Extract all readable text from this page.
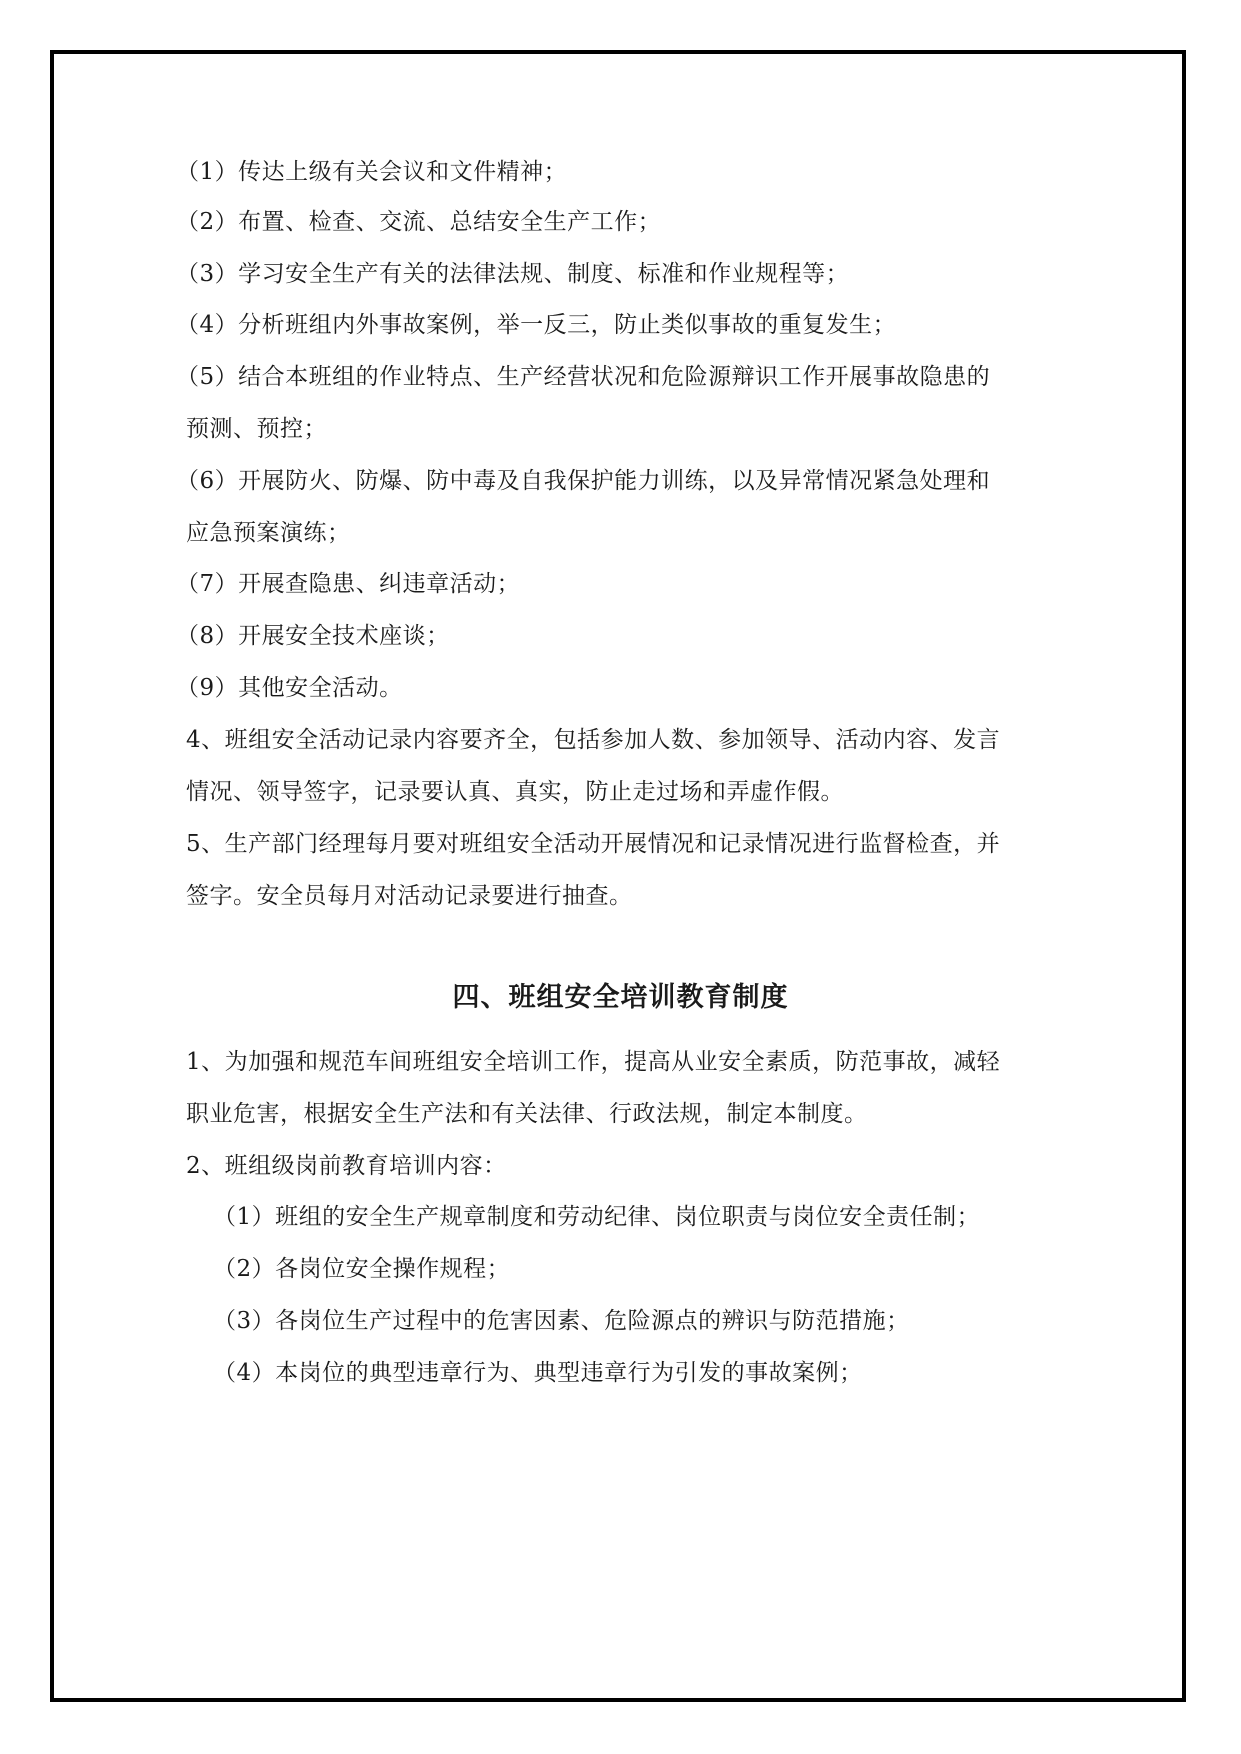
（1）传达上级有关会议和文件精神；
（2）布置、检查、交流、总结安全生产工作；
（3）学习安全生产有关的法律法规、制度、标准和作业规程等；
（4）分析班组内外事故案例，举一反三，防止类似事故的重复发生；
（5）结合本班组的作业特点、生产经营状况和危险源辩识工作开展事故隐患的
预测、预控；
（6）开展防火、防爆、防中毒及自我保护能力训练，以及异常情况紧急处理和
应急预案演练；
（7）开展查隐患、纠违章活动；
（8）开展安全技术座谈；
（9）其他安全活动。
4、班组安全活动记录内容要齐全，包括参加人数、参加领导、活动内容、发言
情况、领导签字，记录要认真、真实，防止走过场和弄虚作假。
5、生产部门经理每月要对班组安全活动开展情况和记录情况进行监督检查，并
签字。安全员每月对活动记录要进行抽查。
四、班组安全培训教育制度
1、为加强和规范车间班组安全培训工作，提高从业安全素质，防范事故，减轻
职业危害，根据安全生产法和有关法律、行政法规，制定本制度。
2、班组级岗前教育培训内容：
（1）班组的安全生产规章制度和劳动纪律、岗位职责与岗位安全责任制；
（2）各岗位安全操作规程；
（3）各岗位生产过程中的危害因素、危险源点的辨识与防范措施；
（4）本岗位的典型违章行为、典型违章行为引发的事故案例；
